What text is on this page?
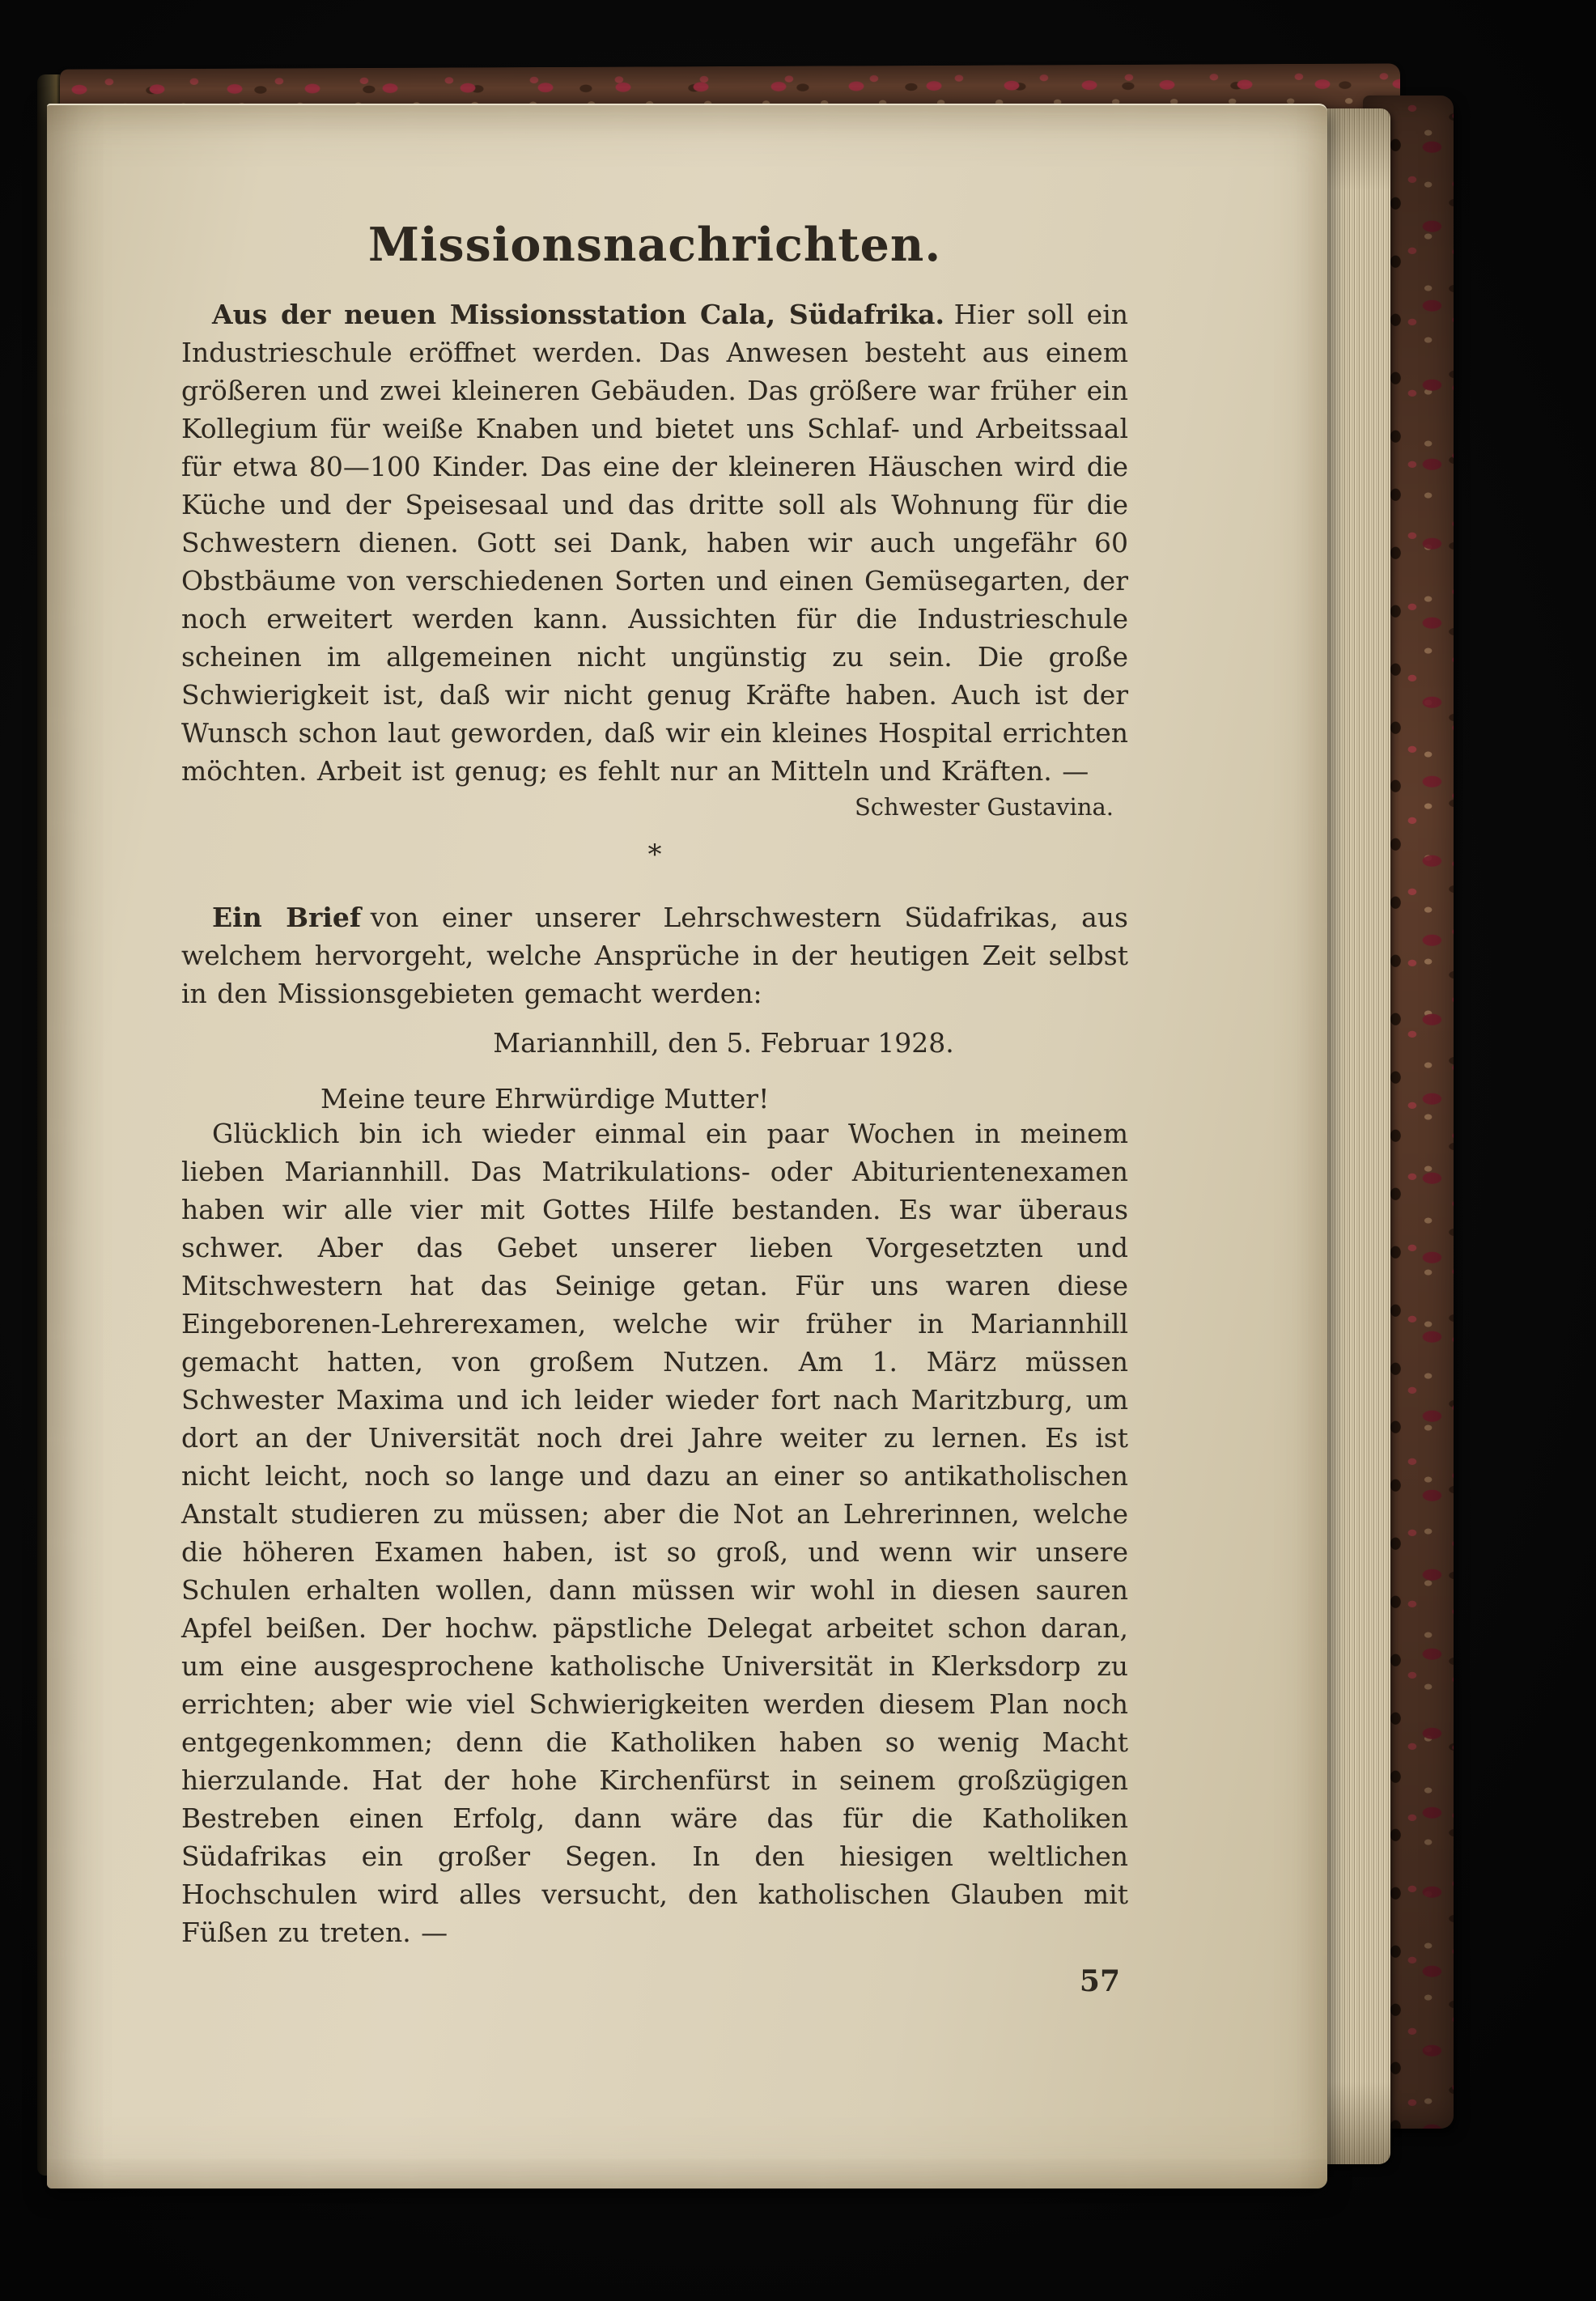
Missionsnachrichten.

Aus der neuen Missionsstation Cala, Südafrika. Hier soll ein Industrieschule eröffnet werden. Das Anwesen besteht aus einem größeren und zwei kleineren Gebäuden. Das größere war früher ein Kollegium für weiße Knaben und bietet uns Schlaf- und Arbeitssaal für etwa 80—100 Kinder. Das eine der kleineren Häuschen wird die Küche und der Speisesaal und das dritte soll als Wohnung für die Schwestern dienen. Gott sei Dank, haben wir auch ungefähr 60 Obstbäume von verschiedenen Sorten und einen Gemüsegarten, der noch erweitert werden kann. Aussichten für die Industrieschule scheinen im allgemeinen nicht ungünstig zu sein. Die große Schwierigkeit ist, daß wir nicht genug Kräfte haben. Auch ist der Wunsch schon laut geworden, daß wir ein kleines Hospital errichten möchten. Arbeit ist genug; es fehlt nur an Mitteln und Kräften. —

Schwester Gustavina.
*

Ein Brief von einer unserer Lehrschwestern Südafrikas, aus welchem hervorgeht, welche Ansprüche in der heutigen Zeit selbst in den Missionsgebieten gemacht werden:

Mariannhill, den 5. Februar 1928.
Meine teure Ehrwürdige Mutter!

Glücklich bin ich wieder einmal ein paar Wochen in meinem lieben Mariannhill. Das Matrikulations- oder Abiturientenexamen haben wir alle vier mit Gottes Hilfe bestanden. Es war überaus schwer. Aber das Gebet unserer lieben Vorgesetzten und Mitschwestern hat das Seinige getan. Für uns waren diese Eingeborenen-Lehrerexamen, welche wir früher in Mariannhill gemacht hatten, von großem Nutzen. Am 1. März müssen Schwester Maxima und ich leider wieder fort nach Maritzburg, um dort an der Universität noch drei Jahre weiter zu lernen. Es ist nicht leicht, noch so lange und dazu an einer so antikatholischen Anstalt studieren zu müssen; aber die Not an Lehrerinnen, welche die höheren Examen haben, ist so groß, und wenn wir unsere Schulen erhalten wollen, dann müssen wir wohl in diesen sauren Apfel beißen. Der hochw. päpstliche Delegat arbeitet schon daran, um eine ausgesprochene katholische Universität in Klerksdorp zu errichten; aber wie viel Schwierigkeiten werden diesem Plan noch entgegenkommen; denn die Katholiken haben so wenig Macht hierzulande. Hat der hohe Kirchenfürst in seinem großzügigen Bestreben einen Erfolg, dann wäre das für die Katholiken Südafrikas ein großer Segen. In den hiesigen weltlichen Hochschulen wird alles versucht, den katholischen Glauben mit Füßen zu treten. —

57
